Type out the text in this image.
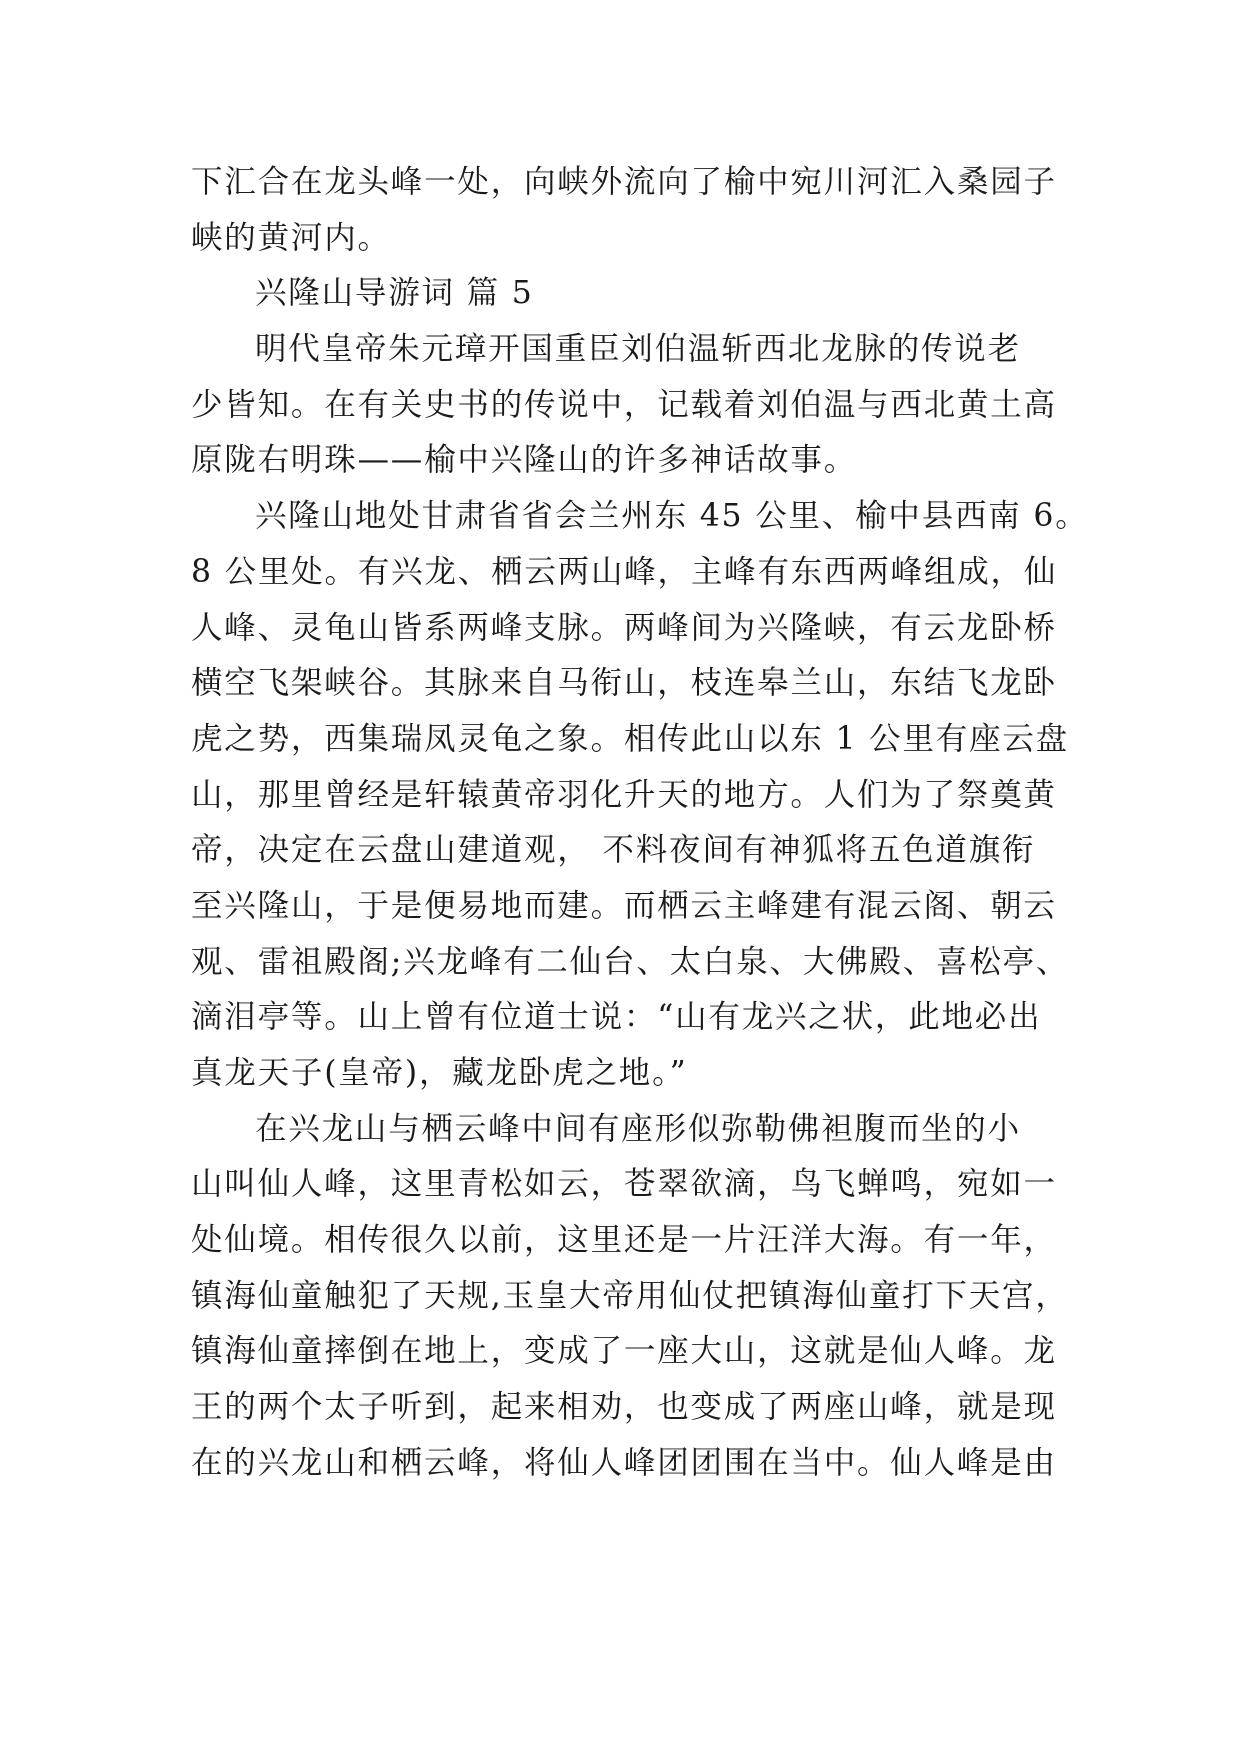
下汇合在龙头峰一处，向峡外流向了榆中宛川河汇入桑园子
峡的黄河内。
兴隆山导游词 篇 5
明代皇帝朱元璋开国重臣刘伯温斩西北龙脉的传说老
少皆知。在有关史书的传说中，记载着刘伯温与西北黄土高
原陇右明珠——榆中兴隆山的许多神话故事。
兴隆山地处甘肃省省会兰州东 45 公里、榆中县西南 6。
8 公里处。有兴龙、栖云两山峰，主峰有东西两峰组成，仙
人峰、灵龟山皆系两峰支脉。两峰间为兴隆峡，有云龙卧桥
横空飞架峡谷。其脉来自马衔山，枝连皋兰山，东结飞龙卧
虎之势，西集瑞凤灵龟之象。相传此山以东 1 公里有座云盘
山，那里曾经是轩辕黄帝羽化升天的地方。人们为了祭奠黄
帝，决定在云盘山建道观， 不料夜间有神狐将五色道旗衔
至兴隆山，于是便易地而建。而栖云主峰建有混云阁、朝云
观、雷祖殿阁;兴龙峰有二仙台、太白泉、大佛殿、喜松亭、
滴泪亭等。山上曾有位道士说：“山有龙兴之状，此地必出
真龙天子(皇帝)，藏龙卧虎之地。”
在兴龙山与栖云峰中间有座形似弥勒佛袒腹而坐的小
山叫仙人峰，这里青松如云，苍翠欲滴，鸟飞蝉鸣，宛如一
处仙境。相传很久以前，这里还是一片汪洋大海。有一年，
镇海仙童触犯了天规,玉皇大帝用仙仗把镇海仙童打下天宫，
镇海仙童摔倒在地上，变成了一座大山，这就是仙人峰。龙
王的两个太子听到，起来相劝，也变成了两座山峰，就是现
在的兴龙山和栖云峰，将仙人峰团团围在当中。仙人峰是由
